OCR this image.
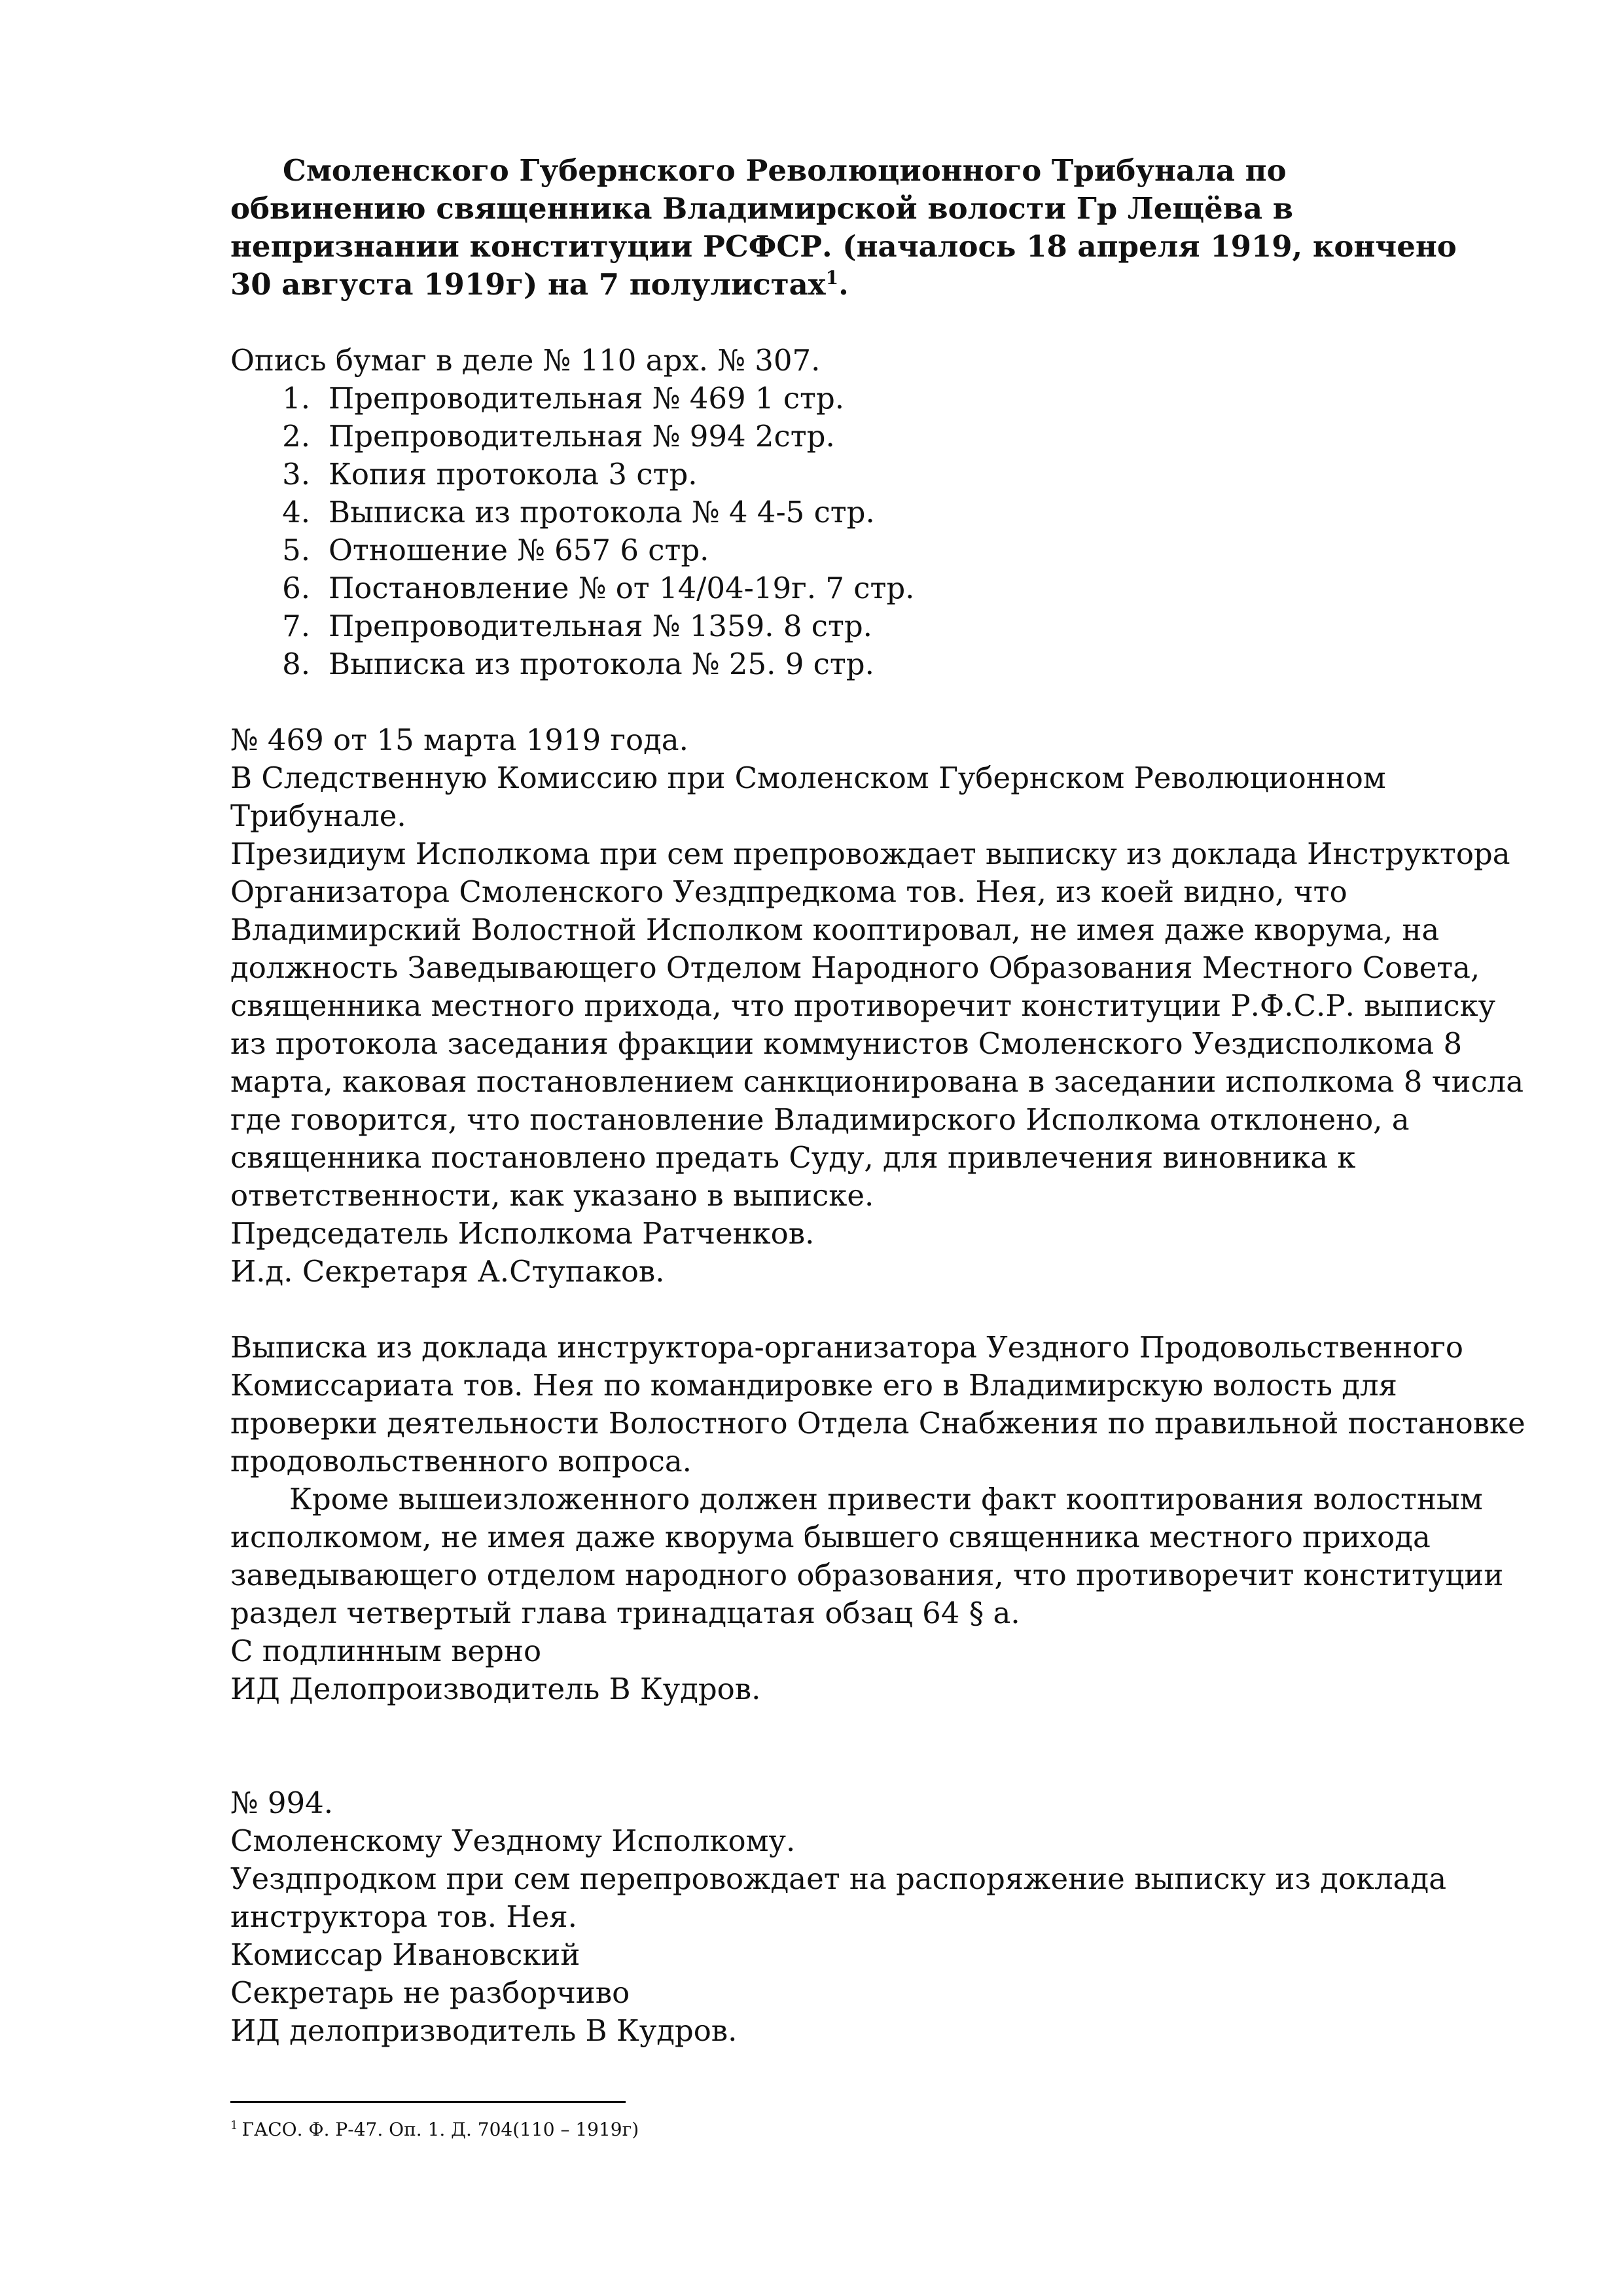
Смоленского Губернского Революционного Трибунала по
обвинению священника Владимирской волости Гр Лещёва в
непризнании конституции РСФСР. (началось 18 апреля 1919, кончено
30 августа 1919г) на 7 полулистах$^1$.
Опись бумаг в деле № 110 арх. № 307.
1. Препроводительная № 469 1 стр.
2. Препроводительная № 994 2стр.
3. Копия протокола 3 стр.
4. Выписка из протокола № 4 4-5 стр.
5. Отношение № 657 6 стр.
6. Постановление № от 14/04-19г. 7 стр.
7. Препроводительная № 1359. 8 стр.
8. Выписка из протокола № 25. 9 стр.
№ 469 от 15 марта 1919 года.
В Следственную Комиссию при Смоленском Губернском Революционном
Трибунале.
Президиум Исполкома при сем препровождает выписку из доклада Инструктора
Организатора Смоленского Уездпредкома тов. Нея, из коей видно, что
Владимирский Волостной Исполком кооптировал, не имея даже кворума, на
должность Заведывающего Отделом Народного Образования Местного Совета,
священника местного прихода, что противоречит конституции Р.Ф.С.Р. выписку
из протокола заседания фракции коммунистов Смоленского Уездисполкома 8
марта, каковая постановлением санкционирована в заседании исполкома 8 числа
где говорится, что постановление Владимирского Исполкома отклонено, а
священника постановлено предать Суду, для привлечения виновника к
ответственности, как указано в выписке.
Председатель Исполкома Ратченков.
И.д. Секретаря А.Ступаков.
Выписка из доклада инструктора-организатора Уездного Продовольственного
Комиссариата тов. Нея по командировке его в Владимирскую волость для
проверки деятельности Волостного Отдела Снабжения по правильной постановке
продовольственного вопроса.
Кроме вышеизложенного должен привести факт кооптирования волостным
исполкомом, не имея даже кворума бывшего священника местного прихода
заведывающего отделом народного образования, что противоречит конституции
раздел четвертый глава тринадцатая обзац 64 § а.
С подлинным верно
ИД Делопроизводитель В Кудров.
№ 994.
Смоленскому Уездному Исполкому.
Уездпродком при сем перепровождает на распоряжение выписку из доклада
инструктора тов. Нея.
Комиссар Ивановский
Секретарь не разборчиво
ИД делопризводитель В Кудров.
$^1$ ГАСО. Ф. Р-47. Оп. 1. Д. 704(110 – 1919г)
